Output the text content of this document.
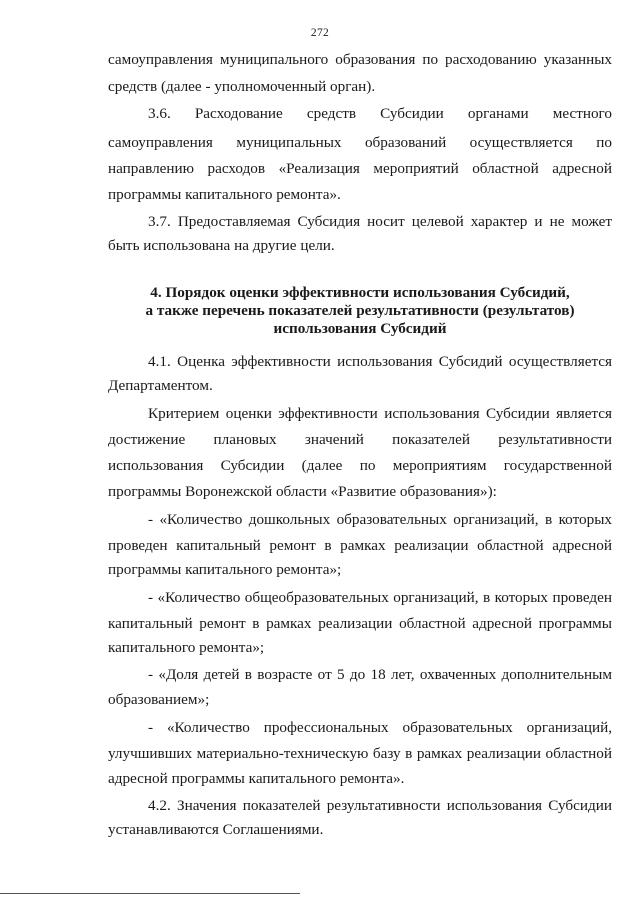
272
самоуправления муниципального образования по расходованию указанных
средств (далее - уполномоченный орган).
3.6. Расходование средств Субсидии органами местного
самоуправления муниципальных образований осуществляется по
направлению расходов «Реализация мероприятий областной адресной
программы капитального ремонта».
3.7. Предоставляемая Субсидия носит целевой характер и не может
быть использована на другие цели.
4. Порядок оценки эффективности использования Субсидий,
а также перечень показателей результативности (результатов)
использования Субсидий
4.1. Оценка эффективности использования Субсидий осуществляется
Департаментом.
Критерием оценки эффективности использования Субсидии является
достижение плановых значений показателей результативности
использования Субсидии (далее по мероприятиям государственной
программы Воронежской области «Развитие образования»):
- «Количество дошкольных образовательных организаций, в которых
проведен капитальный ремонт в рамках реализации областной адресной
программы капитального ремонта»;
- «Количество общеобразовательных организаций, в которых проведен
капитальный ремонт в рамках реализации областной адресной программы
капитального ремонта»;
- «Доля детей в возрасте от 5 до 18 лет, охваченных дополнительным
образованием»;
- «Количество профессиональных образовательных организаций,
улучшивших материально-техническую базу в рамках реализации областной
адресной программы капитального ремонта».
4.2. Значения показателей результативности использования Субсидии
устанавливаются Соглашениями.
